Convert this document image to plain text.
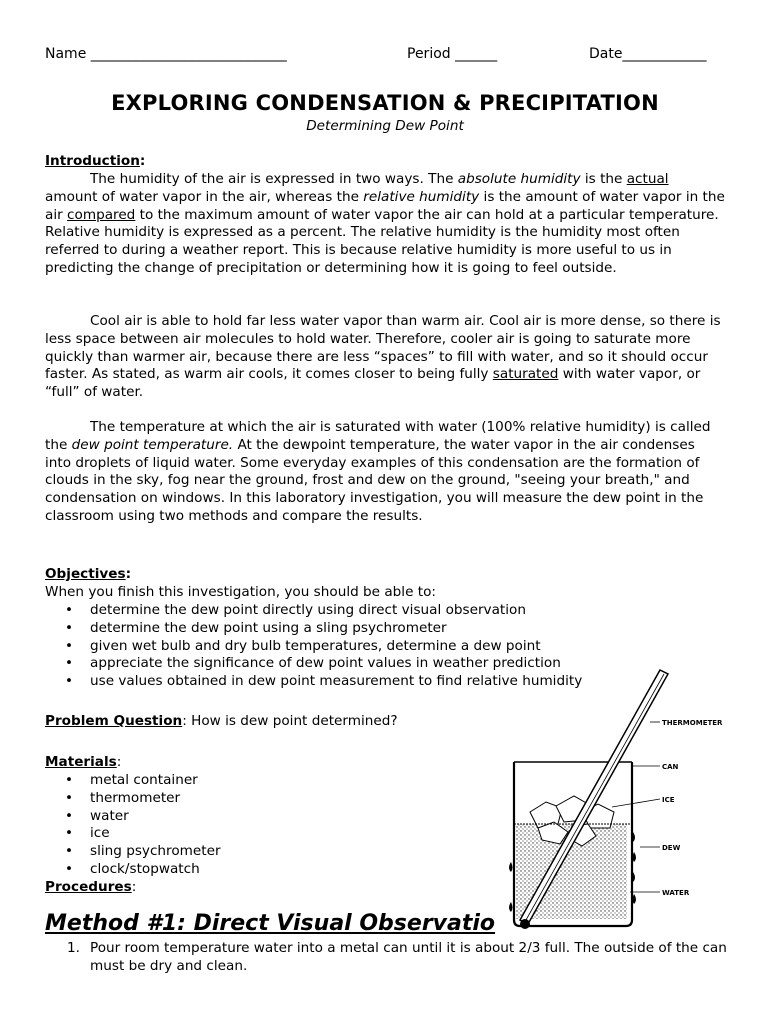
Name ____________________________	Period ______	Date____________
EXPLORING CONDENSATION & PRECIPITATION
Determining Dew Point
Introduction:

The humidity of the air is expressed in two ways. The absolute humidity is the actual amount of water vapor in the air, whereas the relative humidity is the amount of water vapor in the air compared to the maximum amount of water vapor the air can hold at a particular temperature. Relative humidity is expressed as a percent. The relative humidity is the humidity most often referred to during a weather report. This is because relative humidity is more useful to us in predicting the change of precipitation or determining how it is going to feel outside.

Cool air is able to hold far less water vapor than warm air. Cool air is more dense, so there is less space between air molecules to hold water. Therefore, cooler air is going to saturate more quickly than warmer air, because there are less “spaces” to fill with water, and so it should occur faster. As stated, as warm air cools, it comes closer to being fully saturated with water vapor, or “full” of water.

The temperature at which the air is saturated with water (100% relative humidity) is called the dew point temperature. At the dewpoint temperature, the water vapor in the air condenses into droplets of liquid water. Some everyday examples of this condensation are the formation of clouds in the sky, fog near the ground, frost and dew on the ground, "seeing your breath," and condensation on windows. In this laboratory investigation, you will measure the dew point in the classroom using two methods and compare the results.

Objectives:
When you finish this investigation, you should be able to:
• determine the dew point directly using direct visual observation
• determine the dew point using a sling psychrometer
• given wet bulb and dry bulb temperatures, determine a dew point
• appreciate the significance of dew point values in weather prediction
• use values obtained in dew point measurement to find relative humidity
Problem Question: How is dew point determined?
Materials:
• metal container
• thermometer
• water
• ice
• sling psychrometer
• clock/stopwatch
Procedures:
THERMOMETER
CAN
ICE
DEW
WATER
Method #1: Direct Visual Observatio
1. Pour room temperature water into a metal can until it is about 2/3 full. The outside of the can must be dry and clean.
